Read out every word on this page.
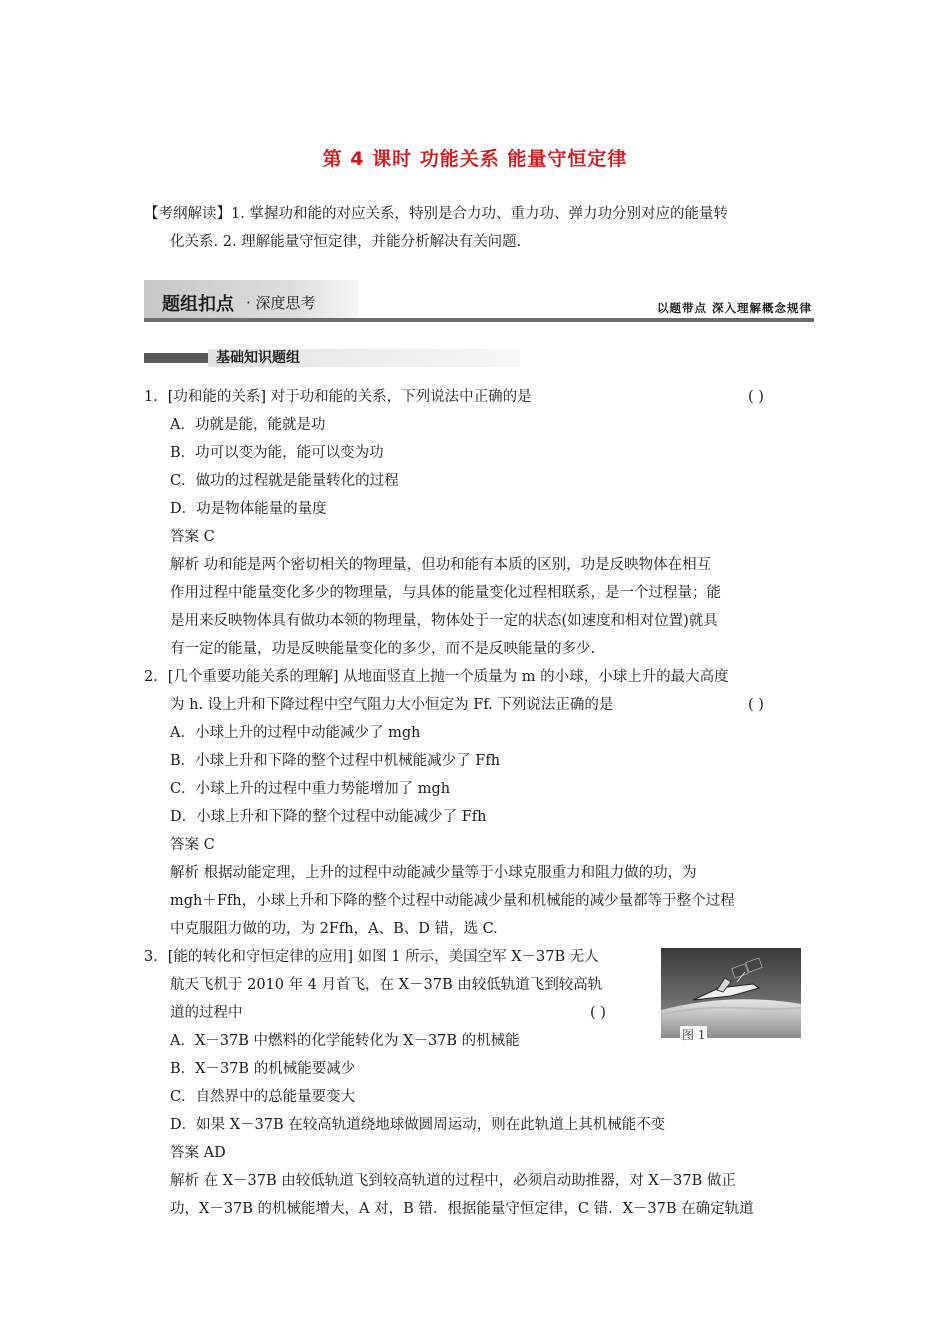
第 4 课时 功能关系 能量守恒定律
【考纲解读】1. 掌握功和能的对应关系，特别是合力功、重力功、弹力功分别对应的能量转
化关系. 2. 理解能量守恒定律，并能分析解决有关问题.
题组扣点 · 深度思考	以题带点 深入理解概念规律
基础知识题组
1．[功和能的关系] 对于功和能的关系，下列说法中正确的是	( )
A．功就是能，能就是功
B．功可以变为能，能可以变为功
C．做功的过程就是能量转化的过程
D．功是物体能量的量度
答案 C
解析 功和能是两个密切相关的物理量，但功和能有本质的区别，功是反映物体在相互
作用过程中能量变化多少的物理量，与具体的能量变化过程相联系，是一个过程量；能
是用来反映物体具有做功本领的物理量，物体处于一定的状态(如速度和相对位置)就具
有一定的能量，功是反映能量变化的多少，而不是反映能量的多少.
2．[几个重要功能关系的理解] 从地面竖直上抛一个质量为 m 的小球，小球上升的最大高度
为 h. 设上升和下降过程中空气阻力大小恒定为 Ff. 下列说法正确的是	( )
A．小球上升的过程中动能减少了 mgh
B．小球上升和下降的整个过程中机械能减少了 Ffh
C．小球上升的过程中重力势能增加了 mgh
D．小球上升和下降的整个过程中动能减少了 Ffh
答案 C
解析 根据动能定理，上升的过程中动能减少量等于小球克服重力和阻力做的功，为
mgh＋Ffh，小球上升和下降的整个过程中动能减少量和机械能的减少量都等于整个过程
中克服阻力做的功，为 2Ffh，A、B、D 错，选 C.
3．[能的转化和守恒定律的应用] 如图 1 所示，美国空军 X－37B 无人
航天飞机于 2010 年 4 月首飞，在 X－37B 由较低轨道飞到较高轨
道的过程中	( )
A．X－37B 中燃料的化学能转化为 X－37B 的机械能
B．X－37B 的机械能要减少
C．自然界中的总能量要变大
D．如果 X－37B 在较高轨道绕地球做圆周运动，则在此轨道上其机械能不变
答案 AD
解析 在 X－37B 由较低轨道飞到较高轨道的过程中，必须启动助推器，对 X－37B 做正
功，X－37B 的机械能增大，A 对，B 错．根据能量守恒定律，C 错．X－37B 在确定轨道
图 1
